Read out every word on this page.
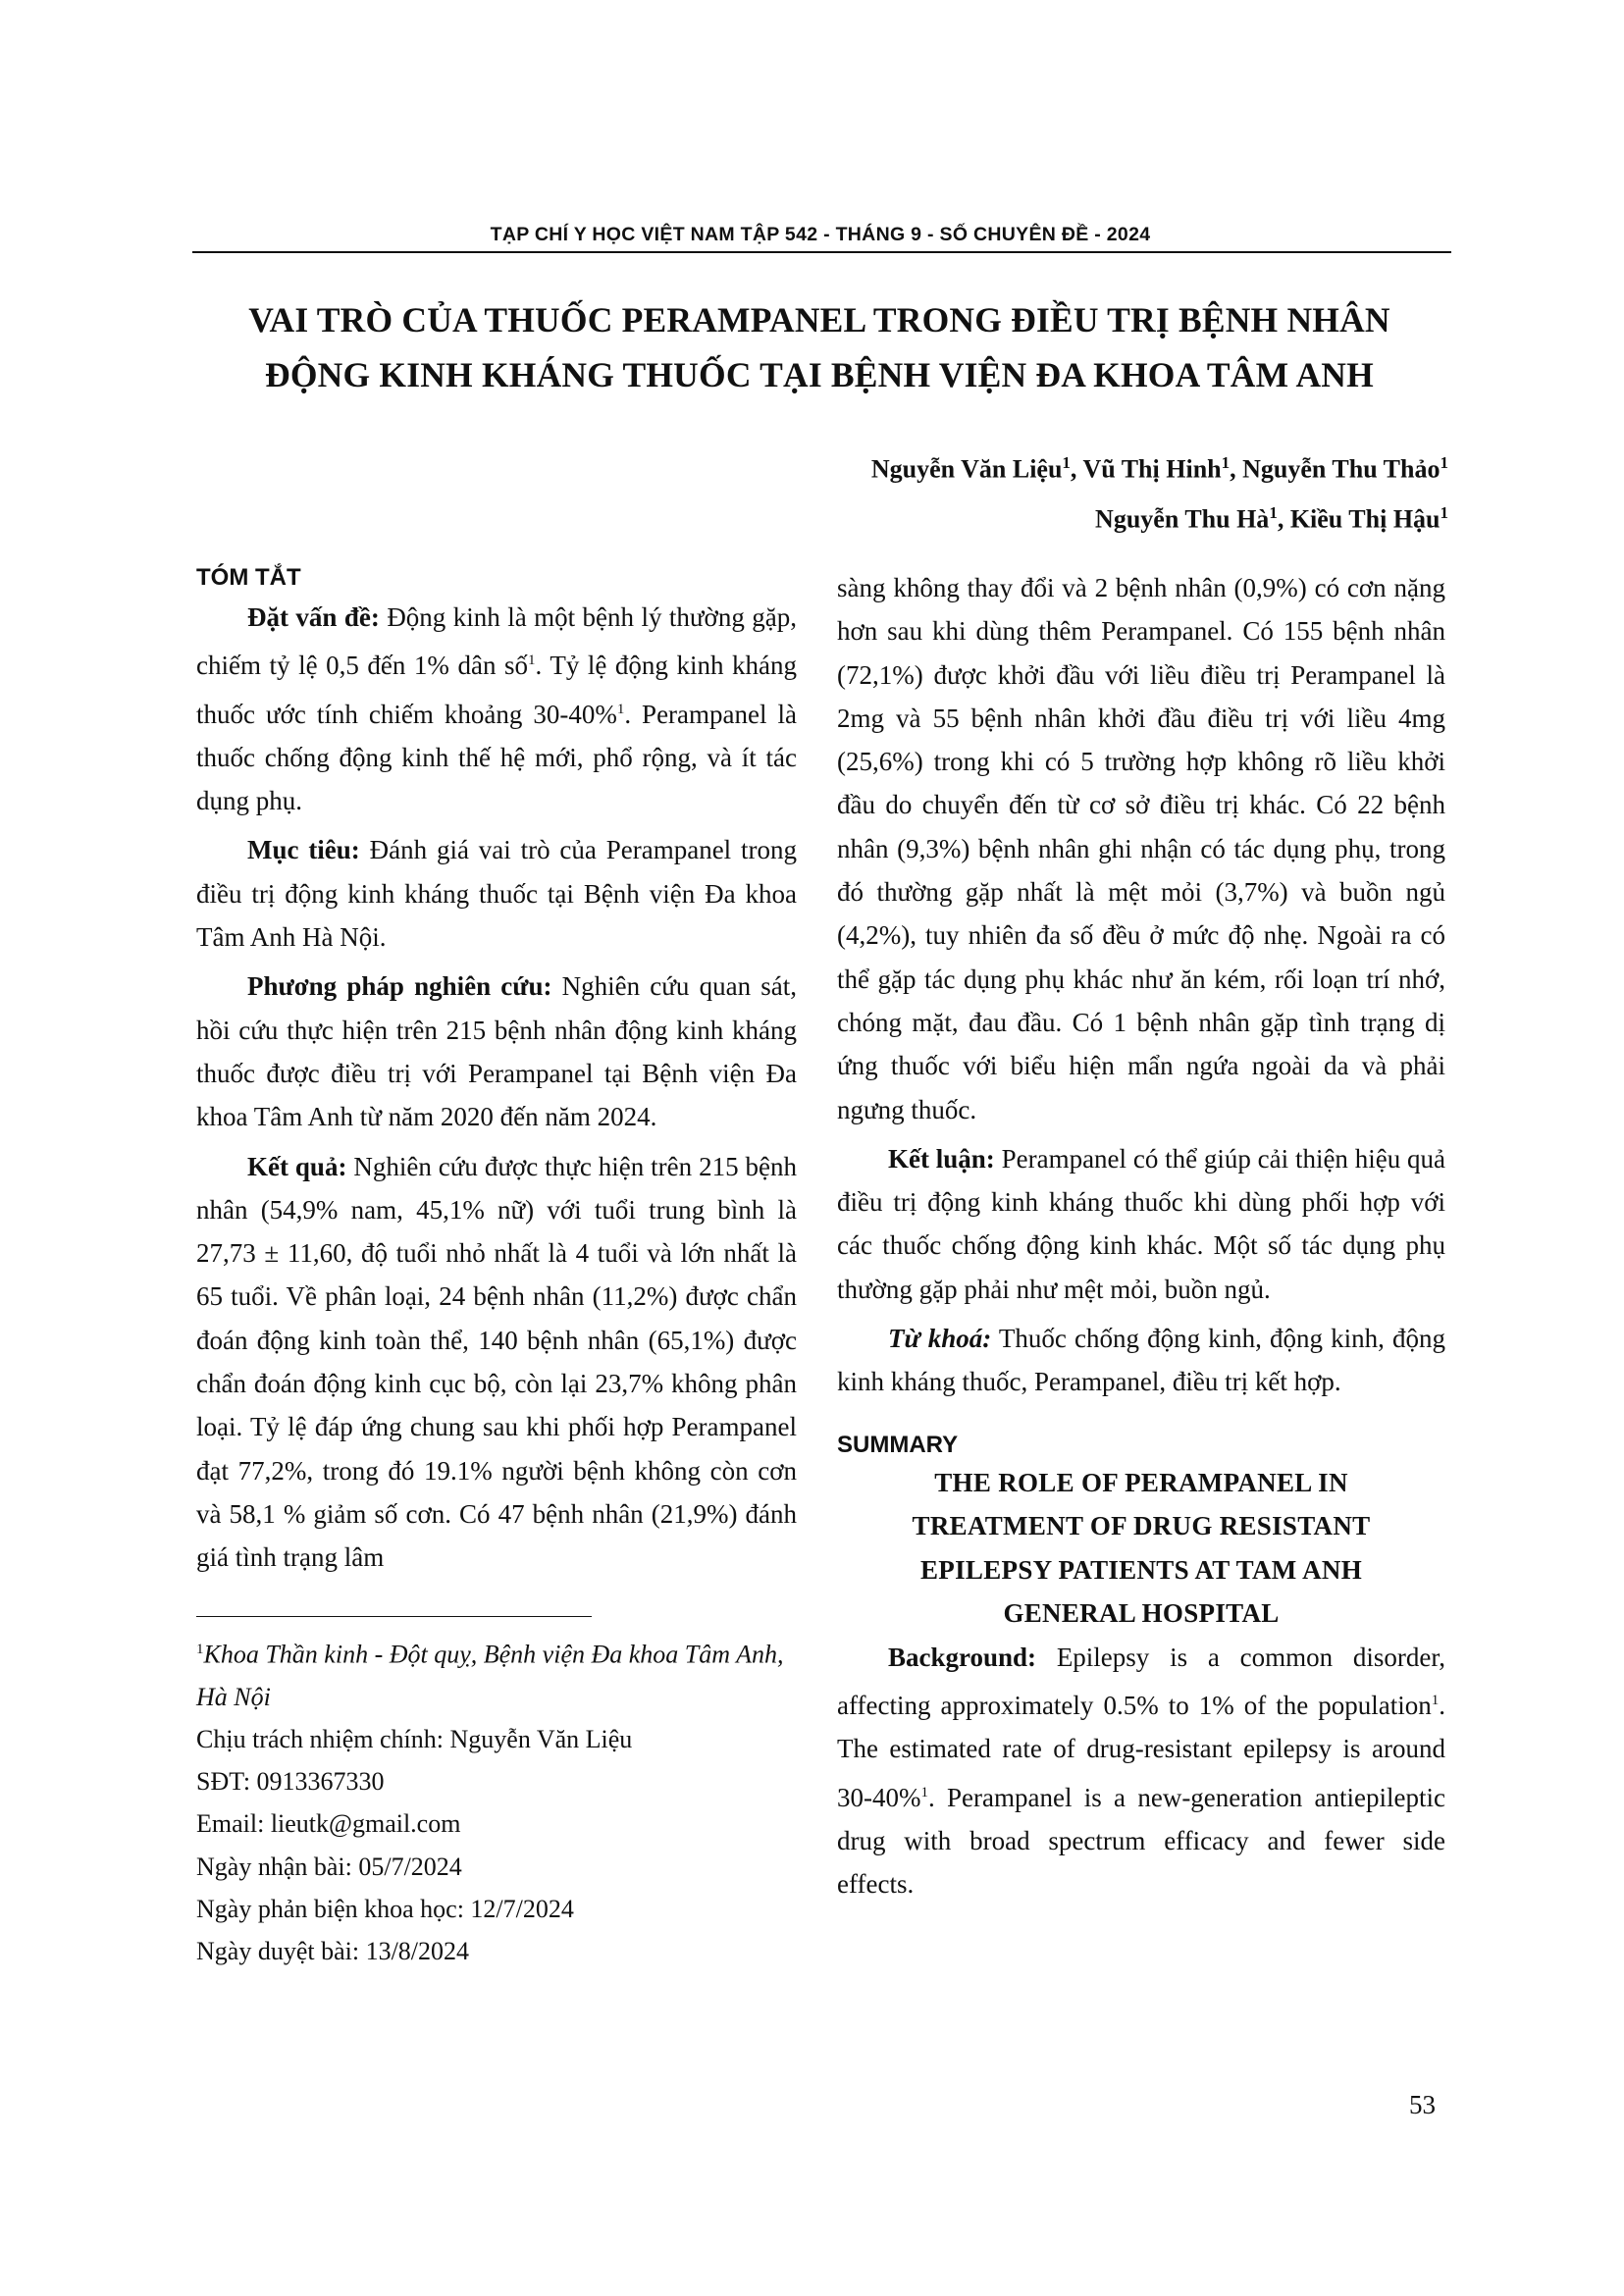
TẠP CHÍ Y HỌC VIỆT NAM TẬP 542 - THÁNG 9 - SỐ CHUYÊN ĐỀ - 2024
VAI TRÒ CỦA THUỐC PERAMPANEL TRONG ĐIỀU TRỊ BỆNH NHÂN
ĐỘNG KINH KHÁNG THUỐC TẠI BỆNH VIỆN ĐA KHOA TÂM ANH
Nguyễn Văn Liệu$^1$, Vũ Thị Hinh$^1$, Nguyễn Thu Thảo$^1$
Nguyễn Thu $Hà^1$, Kiều Thị Hậu$^1$
TÓM TẮT

Đặt vấn đề: Động kinh là một bệnh lý thường gặp, chiếm tỷ lệ 0,5 đến 1% dân số$^1$. Tỷ lệ động kinh kháng thuốc ước tính chiếm khoảng 30-40%$^1$. Perampanel là thuốc chống động kinh thế hệ mới, phổ rộng, và ít tác dụng phụ.

Mục tiêu: Đánh giá vai trò của Perampanel trong điều trị động kinh kháng thuốc tại Bệnh viện Đa khoa Tâm Anh Hà Nội.

Phương pháp nghiên cứu: Nghiên cứu quan sát, hồi cứu thực hiện trên 215 bệnh nhân động kinh kháng thuốc được điều trị với Perampanel tại Bệnh viện Đa khoa Tâm Anh từ năm 2020 đến năm 2024.

Kết quả: Nghiên cứu được thực hiện trên 215 bệnh nhân (54,9% nam, 45,1% nữ) với tuổi trung bình là 27,73 ± 11,60, độ tuổi nhỏ nhất là 4 tuổi và lớn nhất là 65 tuổi. Về phân loại, 24 bệnh nhân (11,2%) được chẩn đoán động kinh toàn thể, 140 bệnh nhân (65,1%) được chẩn đoán động kinh cục bộ, còn lại 23,7% không phân loại. Tỷ lệ đáp ứng chung sau khi phối hợp Perampanel đạt 77,2%, trong đó 19.1% người bệnh không còn cơn và 58,1 % giảm số cơn. Có 47 bệnh nhân (21,9%) đánh giá tình trạng lâm

$^1$Khoa Thần kinh - Đột quỵ, Bệnh viện Đa khoa Tâm Anh, Hà Nội
Chịu trách nhiệm chính: Nguyễn Văn Liệu
SĐT: 0913367330
Email: lieutk@gmail.com
Ngày nhận bài: 05/7/2024
Ngày phản biện khoa học: 12/7/2024
Ngày duyệt bài: 13/8/2024

sàng không thay đổi và 2 bệnh nhân (0,9%) có cơn nặng hơn sau khi dùng thêm Perampanel. Có 155 bệnh nhân (72,1%) được khởi đầu với liều điều trị Perampanel là 2mg và 55 bệnh nhân khởi đầu điều trị với liều 4mg (25,6%) trong khi có 5 trường hợp không rõ liều khởi đầu do chuyển đến từ cơ sở điều trị khác. Có 22 bệnh nhân (9,3%) bệnh nhân ghi nhận có tác dụng phụ, trong đó thường gặp nhất là mệt mỏi (3,7%) và buồn ngủ (4,2%), tuy nhiên đa số đều ở mức độ nhẹ. Ngoài ra có thể gặp tác dụng phụ khác như ăn kém, rối loạn trí nhớ, chóng mặt, đau đầu. Có 1 bệnh nhân gặp tình trạng dị ứng thuốc với biểu hiện mẩn ngứa ngoài da và phải ngưng thuốc.

Kết luận: Perampanel có thể giúp cải thiện hiệu quả điều trị động kinh kháng thuốc khi dùng phối hợp với các thuốc chống động kinh khác. Một số tác dụng phụ thường gặp phải như mệt mỏi, buồn ngủ.

Từ khoá: Thuốc chống động kinh, động kinh, động kinh kháng thuốc, Perampanel, điều trị kết hợp.

SUMMARY
THE ROLE OF PERAMPANEL IN
TREATMENT OF DRUG RESISTANT
EPILEPSY PATIENTS AT TAM ANH
GENERAL HOSPITAL

Background: Epilepsy is a common disorder, affecting approximately 0.5% to 1% of the population$^1$. The estimated rate of drug-resistant epilepsy is around 30-40%$^1$. Perampanel is a new-generation antiepileptic drug with broad spectrum efficacy and fewer side effects.

53
